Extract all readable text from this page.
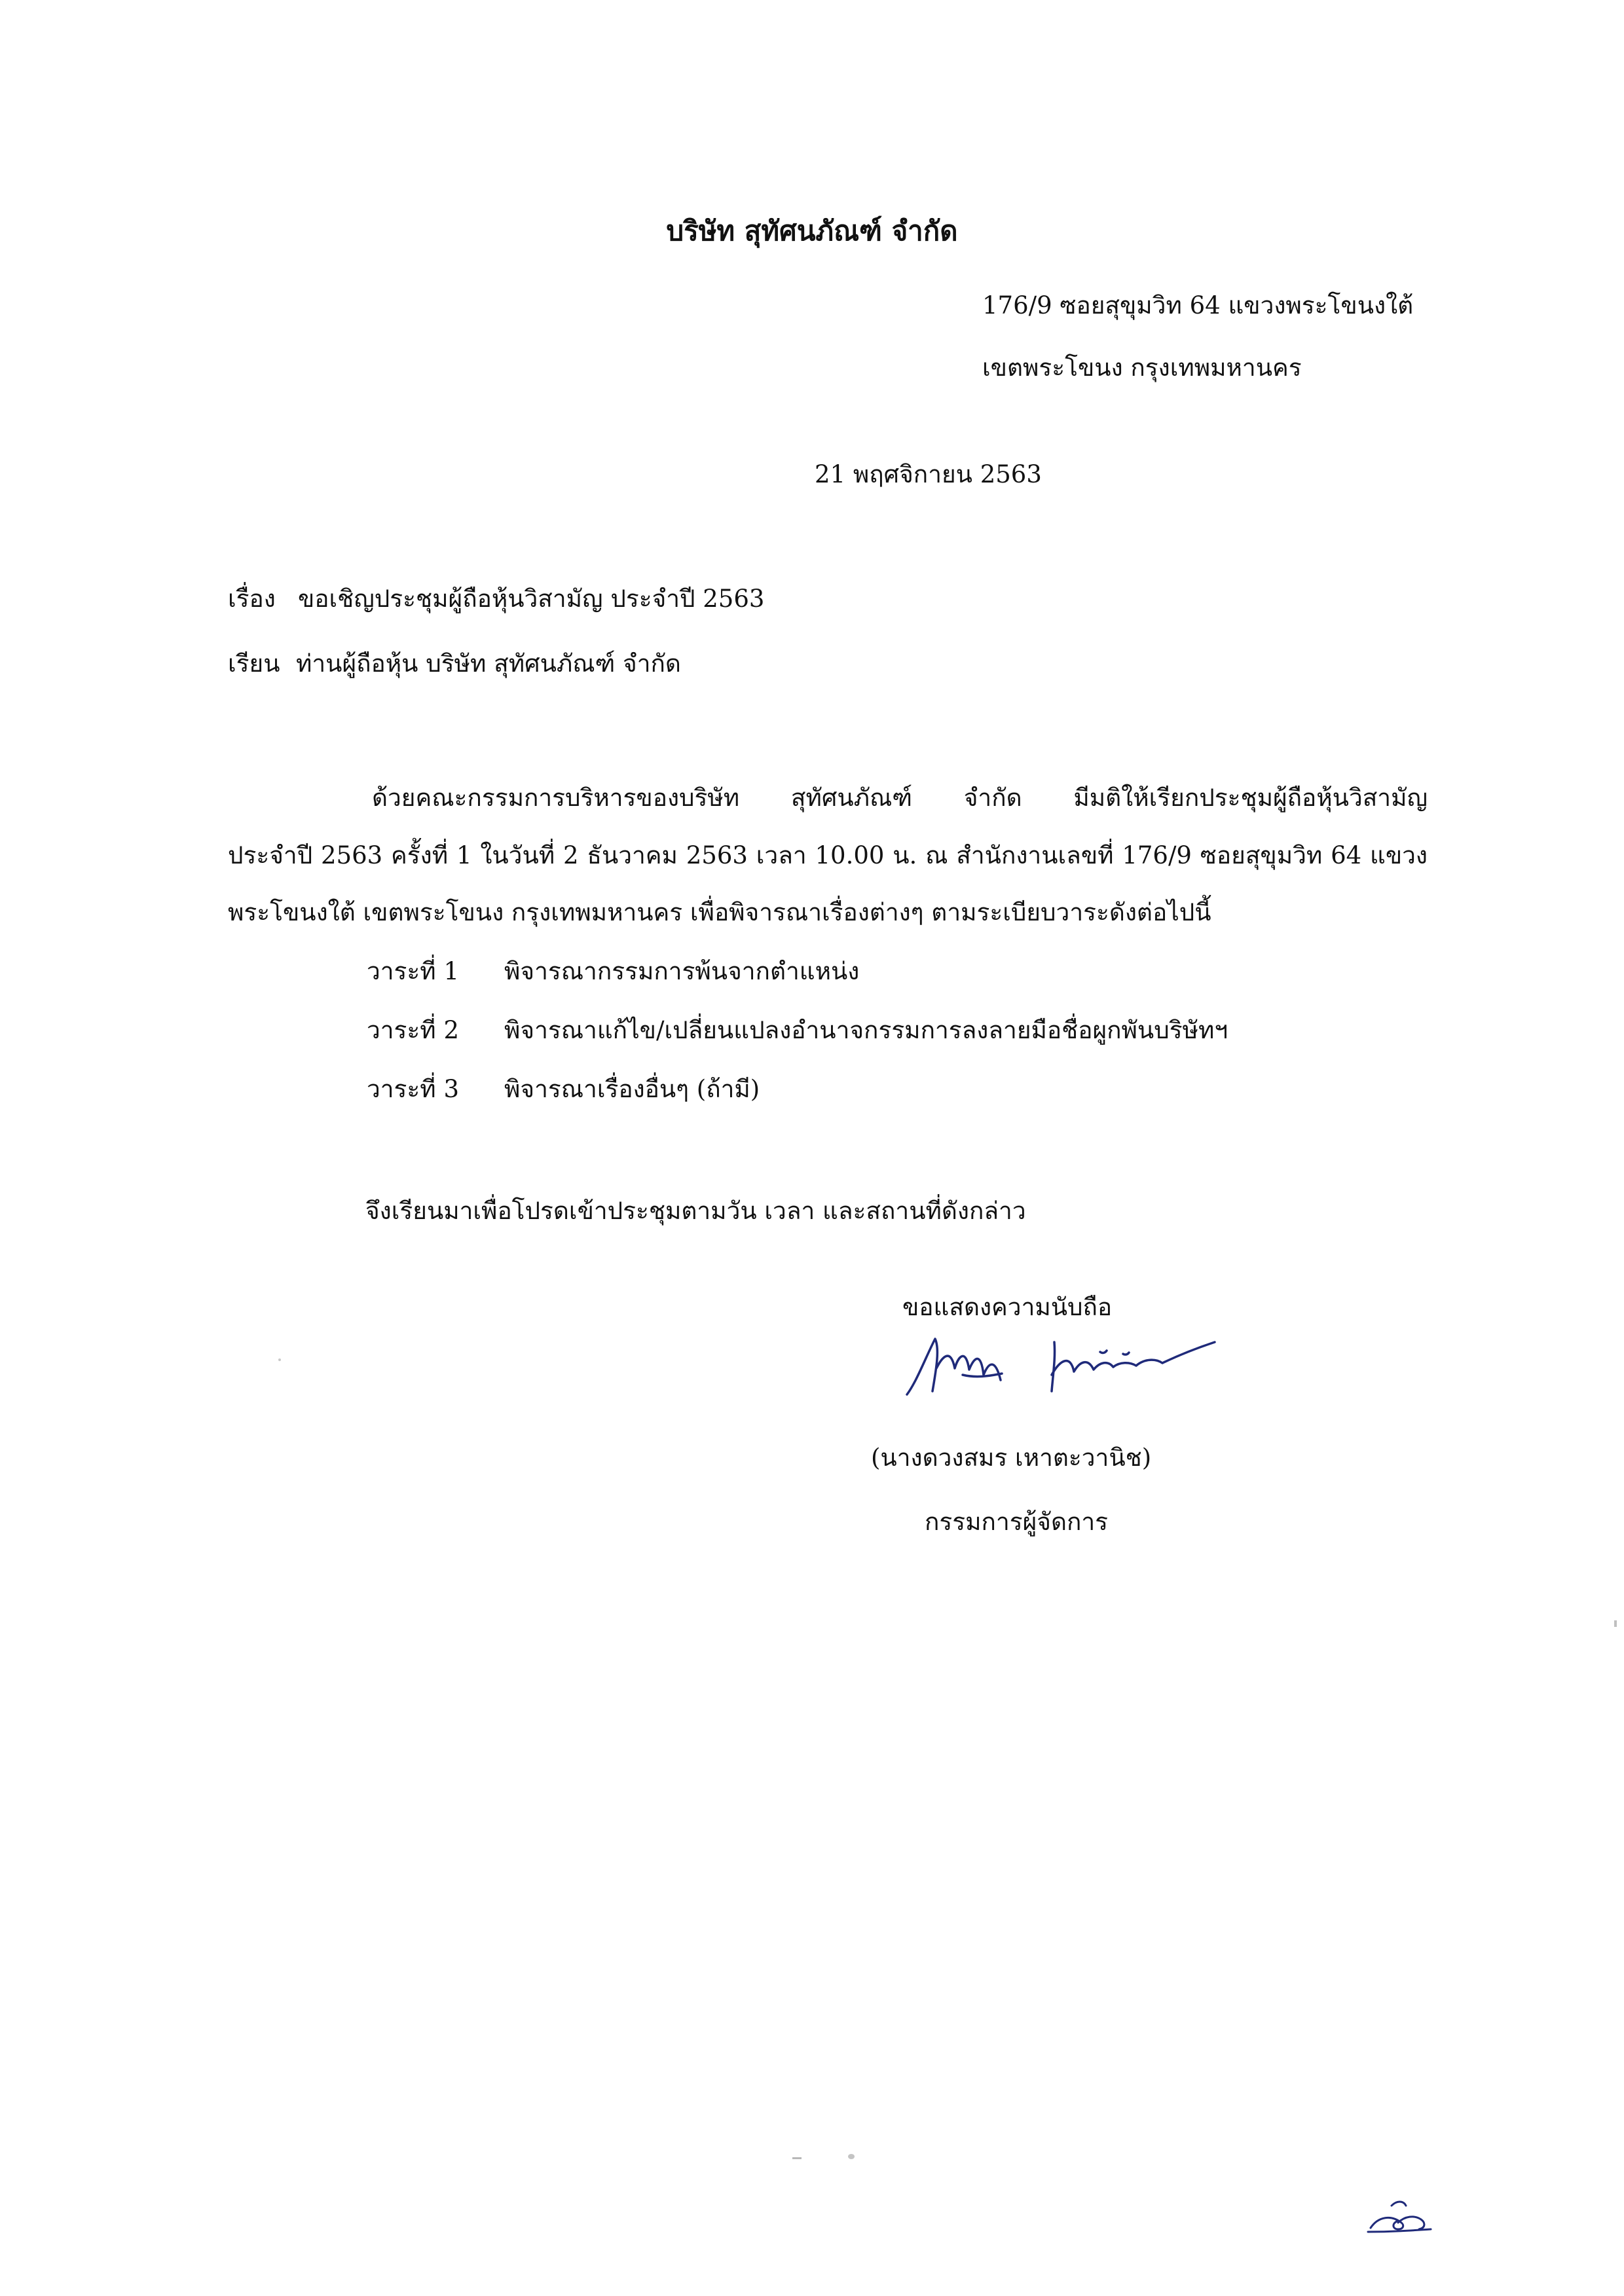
บริษัท สุทัศนภัณฑ์ จำกัด
176/9 ซอยสุขุมวิท 64 แขวงพระโขนงใต้
เขตพระโขนง กรุงเทพมหานคร
21 พฤศจิกายน 2563
เรื่อง ขอเชิญประชุมผู้ถือหุ้นวิสามัญ ประจำปี 2563
เรียน ท่านผู้ถือหุ้น บริษัท สุทัศนภัณฑ์ จำกัด
ด้วยคณะกรรมการบริหารของบริษัท สุทัศนภัณฑ์ จำกัด มีมติให้เรียกประชุมผู้ถือหุ้นวิสามัญ
ประจำปี 2563 ครั้งที่ 1 ในวันที่ 2 ธันวาคม 2563 เวลา 10.00 น. ณ สำนักงานเลขที่ 176/9 ซอยสุขุมวิท 64 แขวง
พระโขนงใต้ เขตพระโขนง กรุงเทพมหานคร เพื่อพิจารณาเรื่องต่างๆ ตามระเบียบวาระดังต่อไปนี้
วาระที่ 1 พิจารณากรรมการพ้นจากตำแหน่ง
วาระที่ 2 พิจารณาแก้ไข/เปลี่ยนแปลงอำนาจกรรมการลงลายมือชื่อผูกพันบริษัทฯ
วาระที่ 3 พิจารณาเรื่องอื่นๆ (ถ้ามี)
จึงเรียนมาเพื่อโปรดเข้าประชุมตามวัน เวลา และสถานที่ดังกล่าว
ขอแสดงความนับถือ
(นางดวงสมร เหาตะวานิช)
กรรมการผู้จัดการ
